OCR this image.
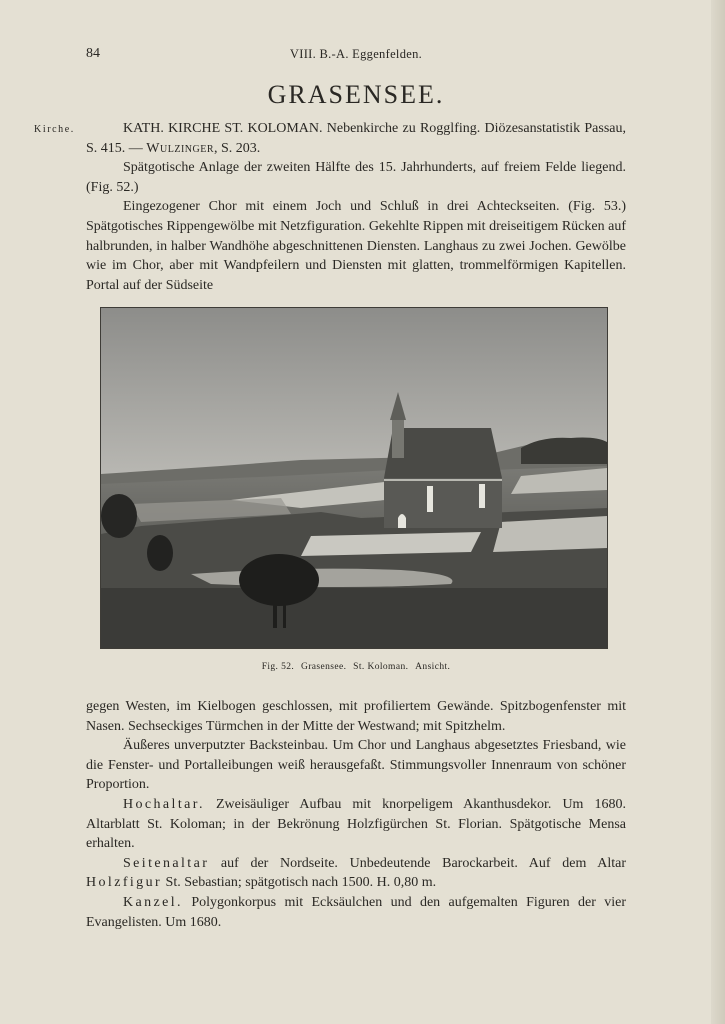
84	VIII. B.-A. Eggenfelden.
GRASENSEE.
Kirche.	KATH. KIRCHE ST. KOLOMAN. Nebenkirche zu Rogglfing. Diözesanstatistik Passau, S. 415. — Wulzinger, S. 203.

Spätgotische Anlage der zweiten Hälfte des 15. Jahrhunderts, auf freiem Felde liegend. (Fig. 52.)

Eingezogener Chor mit einem Joch und Schluß in drei Achteckseiten. (Fig. 53.) Spätgotisches Rippengewölbe mit Netzfiguration. Gekehlte Rippen mit dreiseitigem Rücken auf halbrunden, in halber Wandhöhe abgeschnittenen Diensten. Langhaus zu zwei Jochen. Gewölbe wie im Chor, aber mit Wandpfeilern und Diensten mit glatten, trommelförmigen Kapitellen. Portal auf der Südseite

Fig. 52. Grasensee. St. Koloman. Ansicht.

gegen Westen, im Kielbogen geschlossen, mit profiliertem Gewände. Spitzbogenfenster mit Nasen. Sechseckiges Türmchen in der Mitte der Westwand; mit Spitzhelm.

Äußeres unverputzter Backsteinbau. Um Chor und Langhaus abgesetztes Friesband, wie die Fenster- und Portalleibungen weiß herausgefaßt. Stimmungsvoller Innenraum von schöner Proportion.

Hochaltar. Zweisäuliger Aufbau mit knorpeligem Akanthusdekor. Um 1680. Altarblatt St. Koloman; in der Bekrönung Holzfigürchen St. Florian. Spätgotische Mensa erhalten.

Seitenaltar auf der Nordseite. Unbedeutende Barockarbeit. Auf dem Altar Holzfigur St. Sebastian; spätgotisch nach 1500. H. 0,80 m.

Kanzel. Polygonkorpus mit Ecksäulchen und den aufgemalten Figuren der vier Evangelisten. Um 1680.
